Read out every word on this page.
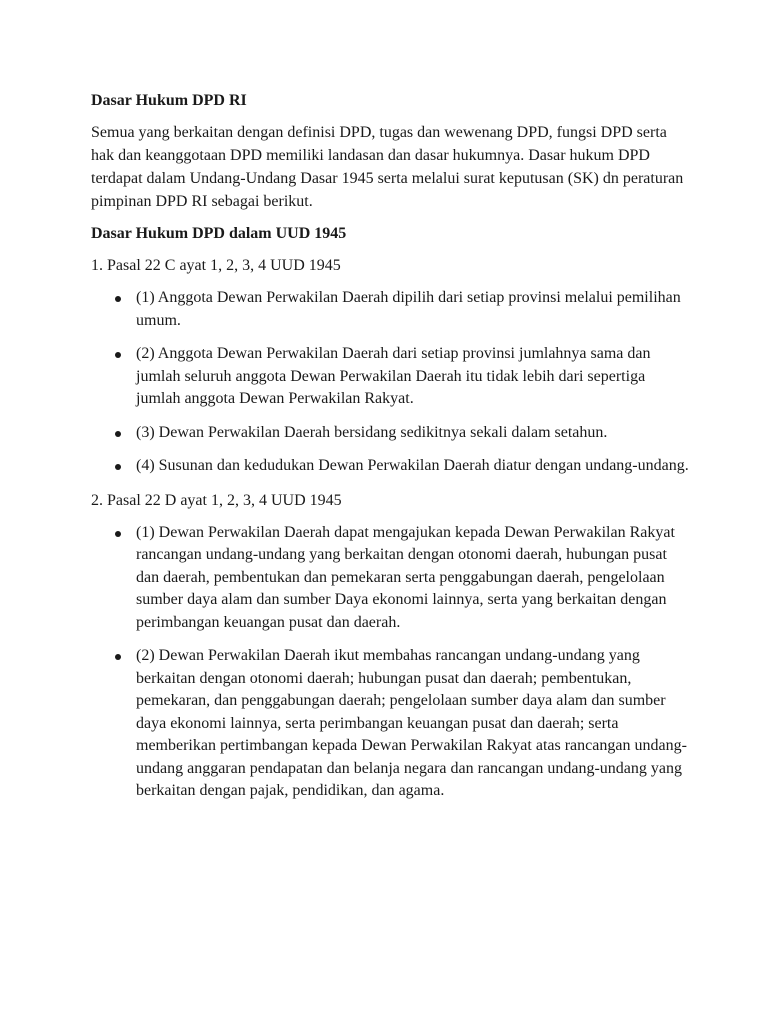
Dasar Hukum DPD RI

Semua yang berkaitan dengan definisi DPD, tugas dan wewenang DPD, fungsi DPD serta hak dan keanggotaan DPD memiliki landasan dan dasar hukumnya. Dasar hukum DPD terdapat dalam Undang-Undang Dasar 1945 serta melalui surat keputusan (SK) dn peraturan pimpinan DPD RI sebagai berikut.

Dasar Hukum DPD dalam UUD 1945

1. Pasal 22 C ayat 1, 2, 3, 4 UUD 1945

(1) Anggota Dewan Perwakilan Daerah dipilih dari setiap provinsi melalui pemilihan umum.
(2) Anggota Dewan Perwakilan Daerah dari setiap provinsi jumlahnya sama dan jumlah seluruh anggota Dewan Perwakilan Daerah itu tidak lebih dari sepertiga jumlah anggota Dewan Perwakilan Rakyat.
(3) Dewan Perwakilan Daerah bersidang sedikitnya sekali dalam setahun.
(4) Susunan dan kedudukan Dewan Perwakilan Daerah diatur dengan undang-undang.

2. Pasal 22 D ayat 1, 2, 3, 4 UUD 1945

(1) Dewan Perwakilan Daerah dapat mengajukan kepada Dewan Perwakilan Rakyat rancangan undang-undang yang berkaitan dengan otonomi daerah, hubungan pusat dan daerah, pembentukan dan pemekaran serta penggabungan daerah, pengelolaan sumber daya alam dan sumber Daya ekonomi lainnya, serta yang berkaitan dengan perimbangan keuangan pusat dan daerah.
(2) Dewan Perwakilan Daerah ikut membahas rancangan undang-undang yang berkaitan dengan otonomi daerah; hubungan pusat dan daerah; pembentukan, pemekaran, dan penggabungan daerah; pengelolaan sumber daya alam dan sumber daya ekonomi lainnya, serta perimbangan keuangan pusat dan daerah; serta memberikan pertimbangan kepada Dewan Perwakilan Rakyat atas rancangan undang-undang anggaran pendapatan dan belanja negara dan rancangan undang-undang yang berkaitan dengan pajak, pendidikan, dan agama.
